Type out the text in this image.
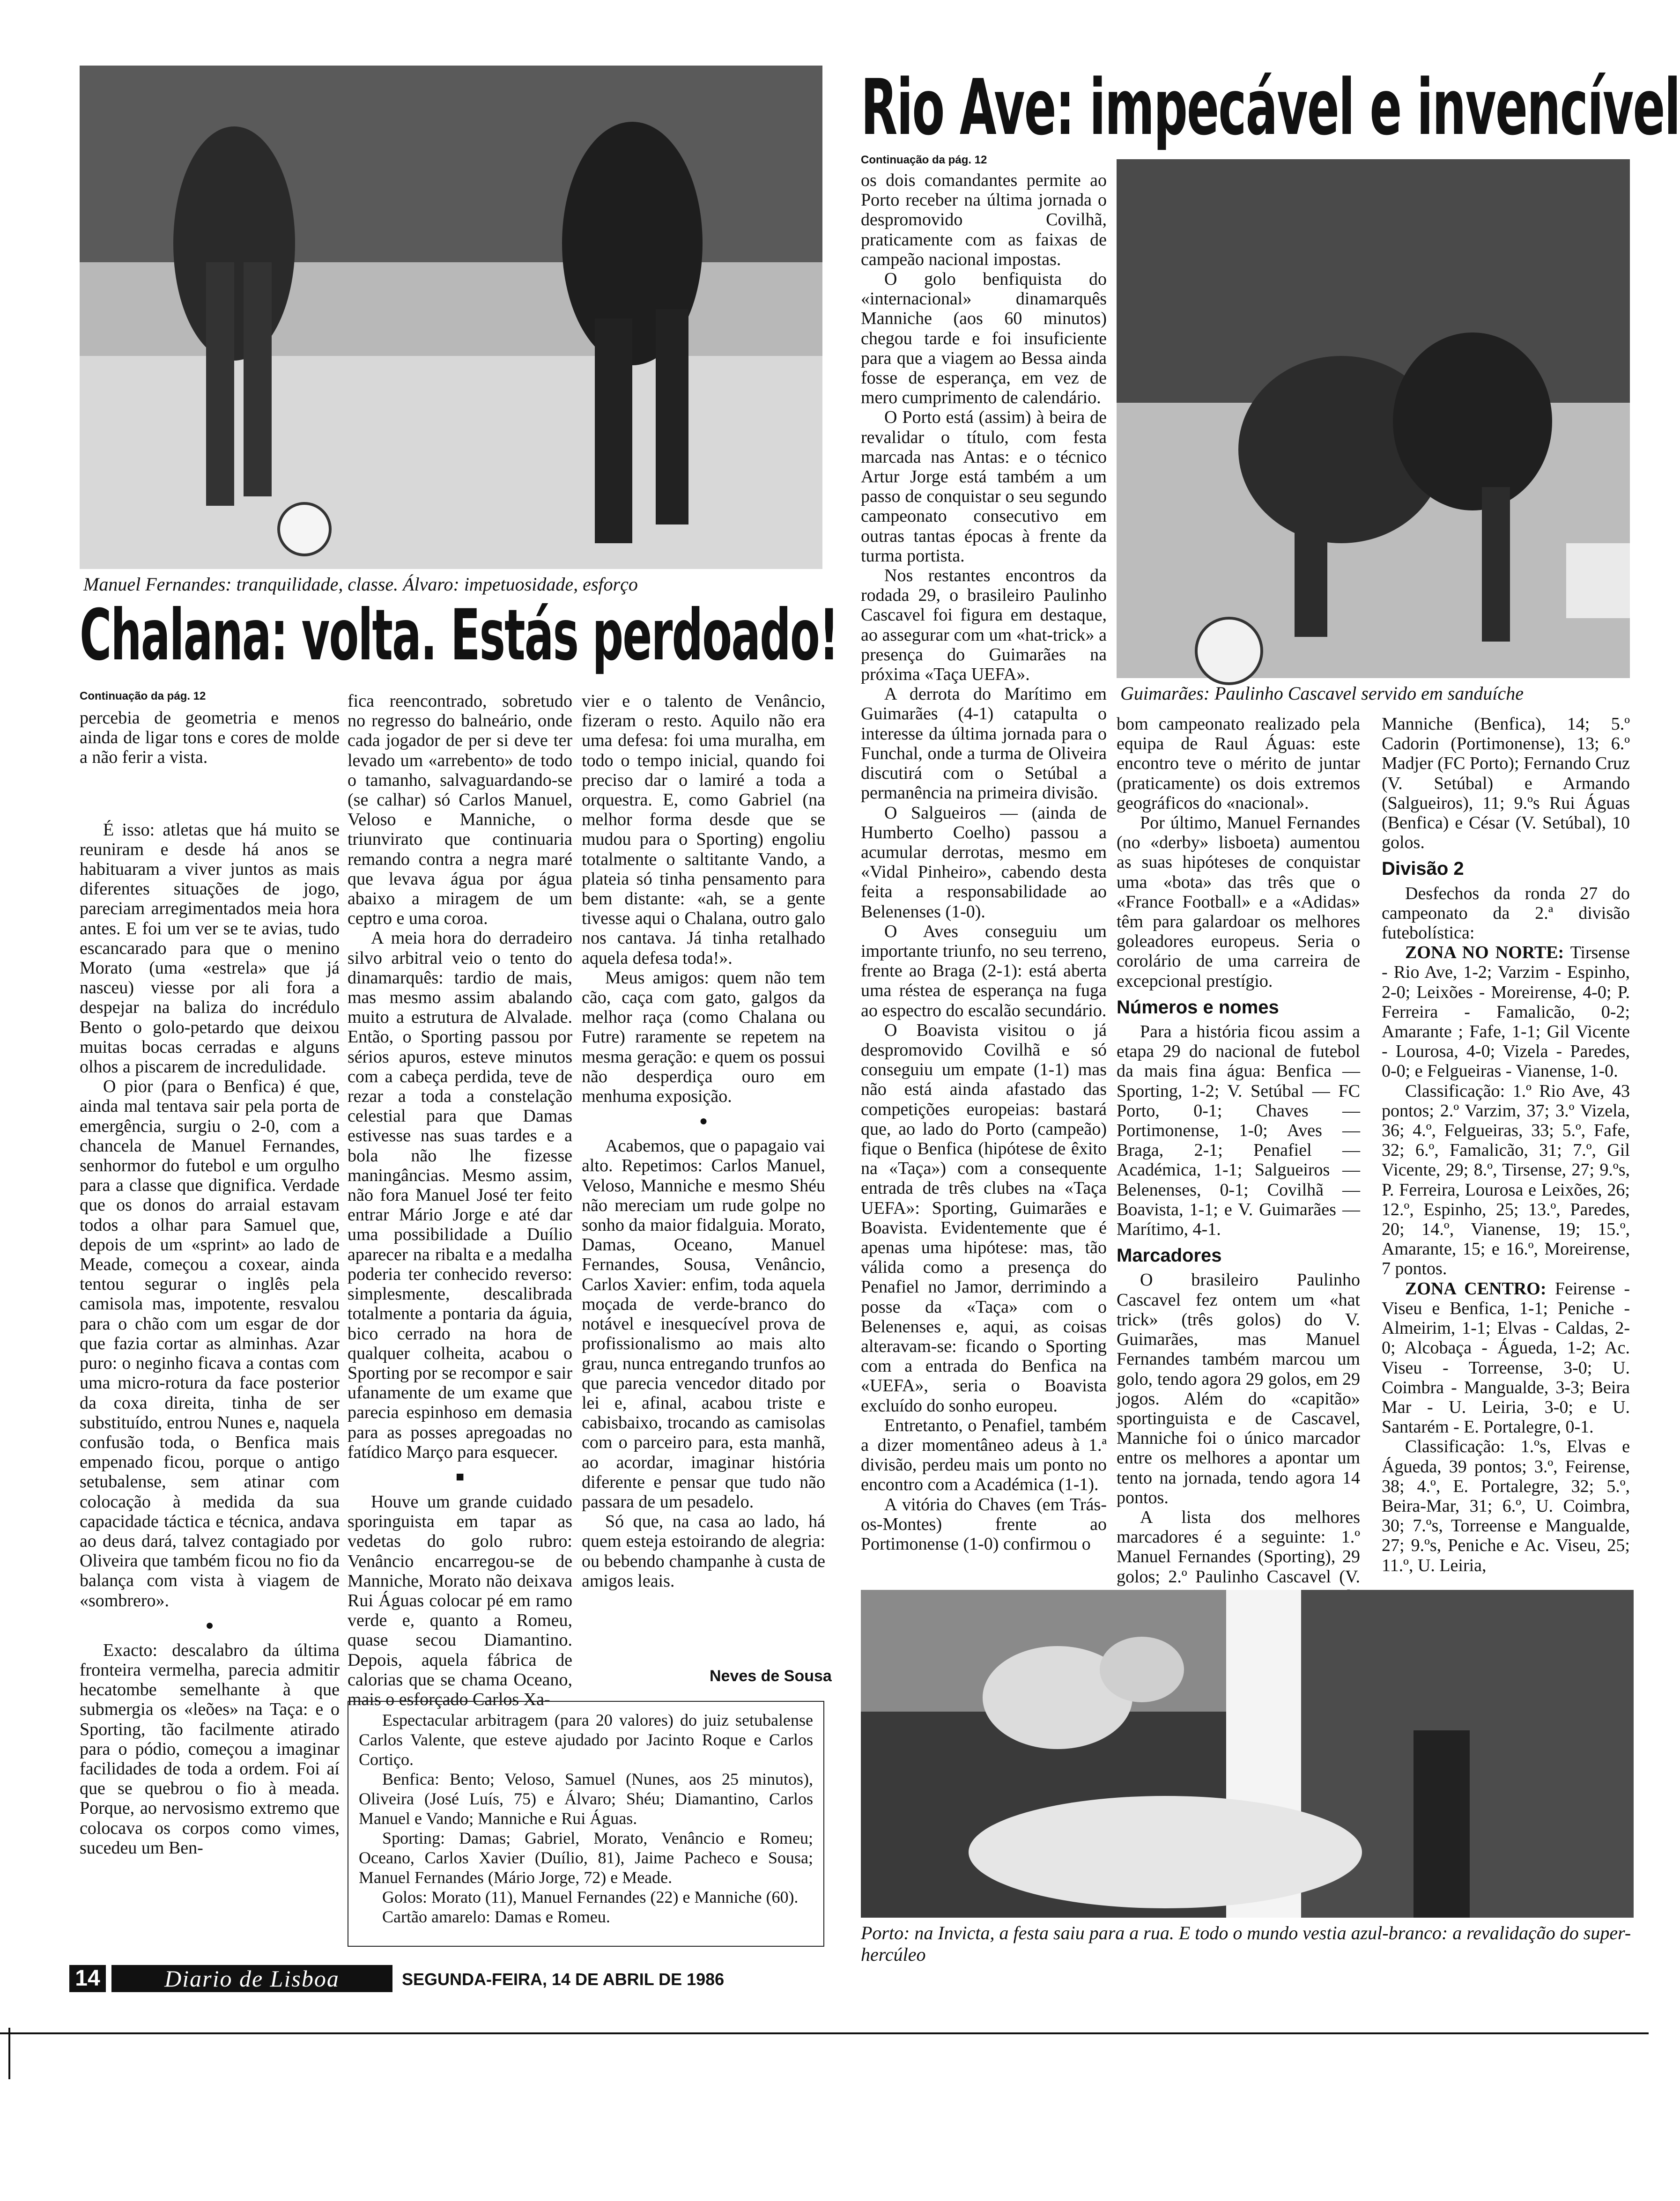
Manuel Fernandes: tranquilidade, classe. Álvaro: impetuosidade, esforço
Chalana: volta. Estás perdoado!
Continuação da pág. 12
Rio Ave: impecável e invencível
Continuação da pág. 12
Guimarães: Paulinho Cascavel servido em sanduíche

percebia de geometria e menos ainda de ligar tons e cores de molde a não ferir a vista.

É isso: atletas que há muito se reuniram e desde há anos se habituaram a viver juntos as mais diferentes situações de jogo, pareciam arregimentados meia hora antes. E foi um ver se te avias, tudo escancarado para que o menino Morato (uma «estrela» que já nasceu) viesse por ali fora a despejar na baliza do incrédulo Bento o golo-petardo que deixou muitas bocas cerradas e alguns olhos a piscarem de incredulidade.

O pior (para o Benfica) é que, ainda mal tentava sair pela porta de emergência, surgiu o 2-0, com a chancela de Manuel Fernandes, senhormor do futebol e um orgulho para a classe que dignifica. Verdade que os donos do arraial estavam todos a olhar para Samuel que, depois de um «sprint» ao lado de Meade, começou a coxear, ainda tentou segurar o inglês pela camisola mas, impotente, resvalou para o chão com um esgar de dor que fazia cortar as alminhas. Azar puro: o neginho ficava a contas com uma micro-rotura da face posterior da coxa direita, tinha de ser substituído, entrou Nunes e, naquela confusão toda, o Benfica mais empenado ficou, porque o antigo setubalense, sem atinar com colocação à medida da sua capacidade táctica e técnica, andava ao deus dará, talvez contagiado por Oliveira que também ficou no fio da balança com vista à viagem de «sombrero».

●

Exacto: descalabro da última fronteira vermelha, parecia admitir hecatombe semelhante à que submergia os «leões» na Taça: e o Sporting, tão facilmente atirado para o pódio, começou a imaginar facilidades de toda a ordem. Foi aí que se quebrou o fio à meada. Porque, ao nervosismo extremo que colocava os corpos como vimes, sucedeu um Ben-

fica reencontrado, sobretudo no regresso do balneário, onde cada jogador de per si deve ter levado um «arrebento» de todo o tamanho, salvaguardando-se (se calhar) só Carlos Manuel, Veloso e Manniche, o triunvirato que continuaria remando contra a negra maré que levava água por água abaixo a miragem de um ceptro e uma coroa.

A meia hora do derradeiro silvo arbitral veio o tento do dinamarquês: tardio de mais, mas mesmo assim abalando muito a estrutura de Alvalade. Então, o Sporting passou por sérios apuros, esteve minutos com a cabeça perdida, teve de rezar a toda a constelação celestial para que Damas estivesse nas suas tardes e a bola não lhe fizesse maningâncias. Mesmo assim, não fora Manuel José ter feito entrar Mário Jorge e até dar uma possibilidade a Duílio aparecer na ribalta e a medalha poderia ter conhecido reverso: simplesmente, descalibrada totalmente a pontaria da águia, bico cerrado na hora de qualquer colheita, acabou o Sporting por se recompor e sair ufanamente de um exame que parecia espinhoso em demasia para as posses apregoadas no fatídico Março para esquecer.

■

Houve um grande cuidado sporinguista em tapar as vedetas do golo rubro: Venâncio encarregou-se de Manniche, Morato não deixava Rui Águas colocar pé em ramo verde e, quanto a Romeu, quase secou Diamantino. Depois, aquela fábrica de calorias que se chama Oceano, mais o esforçado Carlos Xa-

vier e o talento de Venâncio, fizeram o resto. Aquilo não era uma defesa: foi uma muralha, em todo o tempo inicial, quando foi preciso dar o lamiré a toda a orquestra. E, como Gabriel (na melhor forma desde que se mudou para o Sporting) engoliu totalmente o saltitante Vando, a plateia só tinha pensamento para bem distante: «ah, se a gente tivesse aqui o Chalana, outro galo nos cantava. Já tinha retalhado aquela defesa toda!».

Meus amigos: quem não tem cão, caça com gato, galgos da melhor raça (como Chalana ou Futre) raramente se repetem na mesma geração: e quem os possui não desperdiça ouro em menhuma exposição.

●

Acabemos, que o papagaio vai alto. Repetimos: Carlos Manuel, Veloso, Manniche e mesmo Shéu não mereciam um rude golpe no sonho da maior fidalguia. Morato, Damas, Oceano, Manuel Fernandes, Sousa, Venâncio, Carlos Xavier: enfim, toda aquela moçada de verde-branco do notável e inesquecível prova de profissionalismo ao mais alto grau, nunca entregando trunfos ao que parecia vencedor ditado por lei e, afinal, acabou triste e cabisbaixo, trocando as camisolas com o parceiro para, esta manhã, ao acordar, imaginar história diferente e pensar que tudo não passara de um pesadelo.

Só que, na casa ao lado, há quem esteja estoirando de alegria: ou bebendo champanhe à custa de amigos leais.

Neves de Sousa

Espectacular arbitragem (para 20 valores) do juiz setubalense Carlos Valente, que esteve ajudado por Jacinto Roque e Carlos Cortiço.

Benfica: Bento; Veloso, Samuel (Nunes, aos 25 minutos), Oliveira (José Luís, 75) e Álvaro; Shéu; Diamantino, Carlos Manuel e Vando; Manniche e Rui Águas.

Sporting: Damas; Gabriel, Morato, Venâncio e Romeu; Oceano, Carlos Xavier (Duílio, 81), Jaime Pacheco e Sousa; Manuel Fernandes (Mário Jorge, 72) e Meade.

Golos: Morato (11), Manuel Fernandes (22) e Manniche (60).

Cartão amarelo: Damas e Romeu.

os dois comandantes permite ao Porto receber na última jornada o despromovido Covilhã, praticamente com as faixas de campeão nacional impostas.

O golo benfiquista do «internacional» dinamarquês Manniche (aos 60 minutos) chegou tarde e foi insuficiente para que a viagem ao Bessa ainda fosse de esperança, em vez de mero cumprimento de calendário.

O Porto está (assim) à beira de revalidar o título, com festa marcada nas Antas: e o técnico Artur Jorge está também a um passo de conquistar o seu segundo campeonato consecutivo em outras tantas épocas à frente da turma portista.

Nos restantes encontros da rodada 29, o brasileiro Paulinho Cascavel foi figura em destaque, ao assegurar com um «hat-trick» a presença do Guimarães na próxima «Taça UEFA».

A derrota do Marítimo em Guimarães (4-1) catapulta o interesse da última jornada para o Funchal, onde a turma de Oliveira discutirá com o Setúbal a permanência na primeira divisão.

O Salgueiros — (ainda de Humberto Coelho) passou a acumular derrotas, mesmo em «Vidal Pinheiro», cabendo desta feita a responsabilidade ao Belenenses (1-0).

O Aves conseguiu um importante triunfo, no seu terreno, frente ao Braga (2-1): está aberta uma réstea de esperança na fuga ao espectro do escalão secundário.

O Boavista visitou o já despromovido Covilhã e só conseguiu um empate (1-1) mas não está ainda afastado das competições europeias: bastará que, ao lado do Porto (campeão) fique o Benfica (hipótese de êxito na «Taça») com a consequente entrada de três clubes na «Taça UEFA»: Sporting, Guimarães e Boavista. Evidentemente que é apenas uma hipótese: mas, tão válida como a presença do Penafiel no Jamor, derrimindo a posse da «Taça» com o Belenenses e, aqui, as coisas alteravam-se: ficando o Sporting com a entrada do Benfica na «UEFA», seria o Boavista excluído do sonho europeu.

Entretanto, o Penafiel, também a dizer momentâneo adeus à 1.ª divisão, perdeu mais um ponto no encontro com a Académica (1-1).

A vitória do Chaves (em Trás-os-Montes) frente ao Portimonense (1-0) confirmou o

bom campeonato realizado pela equipa de Raul Águas: este encontro teve o mérito de juntar (praticamente) os dois extremos geográficos do «nacional».

Por último, Manuel Fernandes (no «derby» lisboeta) aumentou as suas hipóteses de conquistar uma «bota» das três que o «France Football» e a «Adidas» têm para galardoar os melhores goleadores europeus. Seria o corolário de uma carreira de excepcional prestígio.

Números e nomes

Para a história ficou assim a etapa 29 do nacional de futebol da mais fina água: Benfica — Sporting, 1-2; V. Setúbal — FC Porto, 0-1; Chaves — Portimonense, 1-0; Aves — Braga, 2-1; Penafiel — Académica, 1-1; Salgueiros — Belenenses, 0-1; Covilhã — Boavista, 1-1; e V. Guimarães — Marítimo, 4-1.

Marcadores

O brasileiro Paulinho Cascavel fez ontem um «hat trick» (três golos) do V. Guimarães, mas Manuel Fernandes também marcou um golo, tendo agora 29 golos, em 29 jogos. Além do «capitão» sportinguista e de Cascavel, Manniche foi o único marcador entre os melhores a apontar um tento na jornada, tendo agora 14 pontos.

A lista dos melhores marcadores é a seguinte: 1.º Manuel Fernandes (Sporting), 29 golos; 2.º Paulinho Cascavel (V.

Manniche (Benfica), 14; 5.º Cadorin (Portimonense), 13; 6.º Madjer (FC Porto); Fernando Cruz (V. Setúbal) e Armando (Salgueiros), 11; 9.ºs Rui Águas (Benfica) e César (V. Setúbal), 10 golos.

Divisão 2

Desfechos da ronda 27 do campeonato da 2.ª divisão futebolística:

ZONA NO NORTE: Tirsense - Rio Ave, 1-2; Varzim - Espinho, 2-0; Leixões - Moreirense, 4-0; P. Ferreira - Famalicão, 0-2; Amarante ; Fafe, 1-1; Gil Vicente - Lourosa, 4-0; Vizela - Paredes, 0-0; e Felgueiras - Vianense, 1-0.

Classificação: 1.º Rio Ave, 43 pontos; 2.º Varzim, 37; 3.º Vizela, 36; 4.º, Felgueiras, 33; 5.º, Fafe, 32; 6.º, Famalicão, 31; 7.º, Gil Vicente, 29; 8.º, Tirsense, 27; 9.ºs, P. Ferreira, Lourosa e Leixões, 26; 12.º, Espinho, 25; 13.º, Paredes, 20; 14.º, Vianense, 19; 15.º, Amarante, 15; e 16.º, Moreirense, 7 pontos.

ZONA CENTRO: Feirense - Viseu e Benfica, 1-1; Peniche - Almeirim, 1-1; Elvas - Caldas, 2-0; Alcobaça - Águeda, 1-2; Ac. Viseu - Torreense, 3-0; U. Coimbra - Mangualde, 3-3; Beira Mar - U. Leiria, 3-0; e U. Santarém - E. Portalegre, 0-1.

Classificação: 1.ºs, Elvas e Águeda, 39 pontos; 3.º, Feirense, 38; 4.º, E. Portalegre, 32; 5.º, Beira-Mar, 31; 6.º, U. Coimbra, 30; 7.ºs, Torreense e Mangualde, 27; 9.ºs, Peniche e Ac. Viseu, 25; 11.º, U. Leiria,

Porto: na Invicta, a festa saiu para a rua. E todo o mundo vestia azul-branco: a revalidação do super-hercúleo
14	Diario de Lisboa	SEGUNDA-FEIRA, 14 DE ABRIL DE 1986
